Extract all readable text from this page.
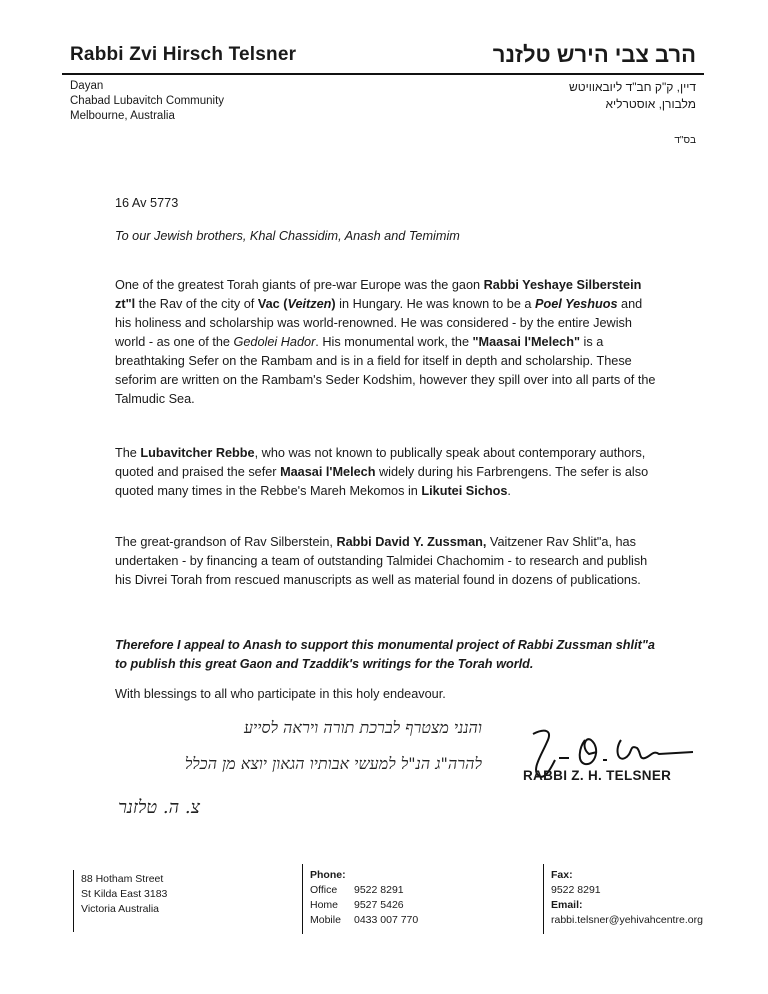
Rabbi Zvi Hirsch Telsner	הרב צבי הירש טלזנר
Dayan
Chabad Lubavitch Community
Melbourne, Australia
דיין, ק"ק חב"ד ליובאוויטש
מלבורן, אוסטרליא
בס"ד
16 Av 5773
To our Jewish brothers, Khal Chassidim, Anash and Temimim

One of the greatest Torah giants of pre-war Europe was the gaon Rabbi Yeshaye Silberstein zt"l the Rav of the city of Vac (Veitzen) in Hungary. He was known to be a Poel Yeshuos and his holiness and scholarship was world-renowned. He was considered - by the entire Jewish world - as one of the Gedolei Hador. His monumental work, the "Maasai l'Melech" is a breathtaking Sefer on the Rambam and is in a field for itself in depth and scholarship. These seforim are written on the Rambam's Seder Kodshim, however they spill over into all parts of the Talmudic Sea.

The Lubavitcher Rebbe, who was not known to publically speak about contemporary authors, quoted and praised the sefer Maasai l'Melech widely during his Farbrengens. The sefer is also quoted many times in the Rebbe's Mareh Mekomos in Likutei Sichos.

The great-grandson of Rav Silberstein, Rabbi David Y. Zussman, Vaitzener Rav Shlit"a, has undertaken - by financing a team of outstanding Talmidei Chachomim - to research and publish his Divrei Torah from rescued manuscripts as well as material found in dozens of publications.

Therefore I appeal to Anash to support this monumental project of Rabbi Zussman shlit"a to publish this great Gaon and Tzaddik's writings for the Torah world.

With blessings to all who participate in this holy endeavour.
והנני מצטרף לברכת תורה ויראה לסייע
להרה"ג הנ"ל למעשי אבותיו הגאון יוצא מן הכלל
צ. ה. טלזנר
RABBI Z. H. TELSNER
88 Hotham Street
St Kilda East 3183
Victoria Australia
Phone:
Office 9522 8291
Home 9527 5426
Mobile 0433 007 770
Fax:
9522 8291
Email:
rabbi.telsner@yehivahcentre.org
